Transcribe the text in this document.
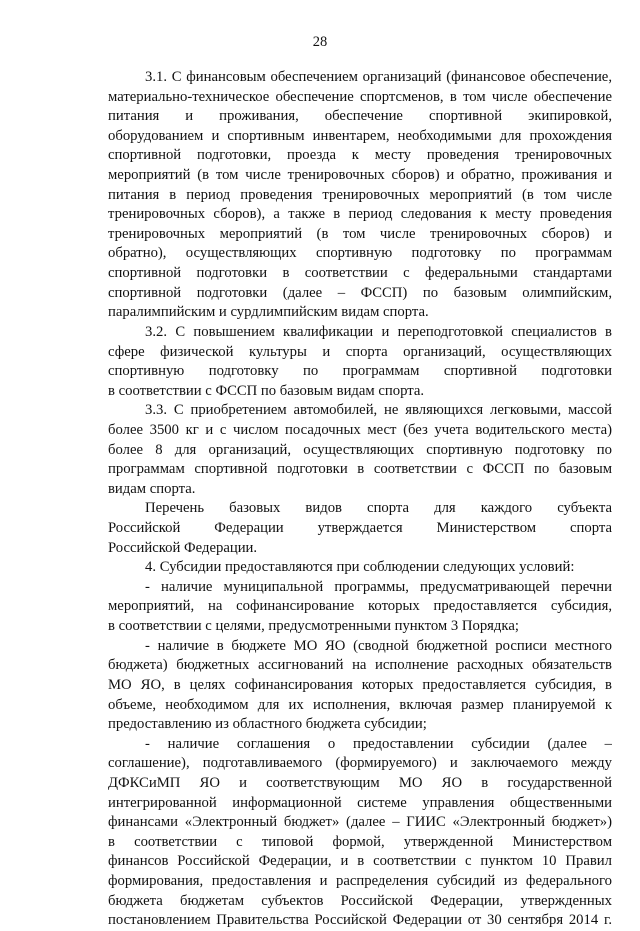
28
3.1. С финансовым обеспечением организаций (финансовое обеспечение,
материально-техническое обеспечение спортсменов, в том числе обеспечение
питания и проживания, обеспечение спортивной экипировкой,
оборудованием и спортивным инвентарем, необходимыми для прохождения
спортивной подготовки, проезда к месту проведения тренировочных
мероприятий (в том числе тренировочных сборов) и обратно, проживания и
питания в период проведения тренировочных мероприятий (в том числе
тренировочных сборов), а также в период следования к месту проведения
тренировочных мероприятий (в том числе тренировочных сборов) и
обратно), осуществляющих спортивную подготовку по программам
спортивной подготовки в соответствии с федеральными стандартами
спортивной подготовки (далее – ФССП) по базовым олимпийским,
паралимпийским и сурдлимпийским видам спорта.
3.2. С повышением квалификации и переподготовкой специалистов в
сфере физической культуры и спорта организаций, осуществляющих
спортивную подготовку по программам спортивной подготовки
в соответствии с ФССП по базовым видам спорта.
3.3. С приобретением автомобилей, не являющихся легковыми, массой
более 3500 кг и с числом посадочных мест (без учета водительского места)
более 8 для организаций, осуществляющих спортивную подготовку по
программам спортивной подготовки в соответствии с ФССП по базовым
видам спорта.
Перечень базовых видов спорта для каждого субъекта
Российской Федерации утверждается Министерством спорта
Российской Федерации.
4. Субсидии предоставляются при соблюдении следующих условий:
- наличие муниципальной программы, предусматривающей перечни
мероприятий, на софинансирование которых предоставляется субсидия,
в соответствии с целями, предусмотренными пунктом 3 Порядка;
- наличие в бюджете МО ЯО (сводной бюджетной росписи местного
бюджета) бюджетных ассигнований на исполнение расходных обязательств
МО ЯО, в целях софинансирования которых предоставляется субсидия, в
объеме, необходимом для их исполнения, включая размер планируемой к
предоставлению из областного бюджета субсидии;
- наличие соглашения о предоставлении субсидии (далее –
соглашение), подготавливаемого (формируемого) и заключаемого между
ДФКСиМП ЯО и соответствующим МО ЯО в государственной
интегрированной информационной системе управления общественными
финансами «Электронный бюджет» (далее – ГИИС «Электронный бюджет»)
в соответствии с типовой формой, утвержденной Министерством
финансов Российской Федерации, и в соответствии с пунктом 10 Правил
формирования, предоставления и распределения субсидий из федерального
бюджета бюджетам субъектов Российской Федерации, утвержденных
постановлением Правительства Российской Федерации от 30 сентября 2014 г.
